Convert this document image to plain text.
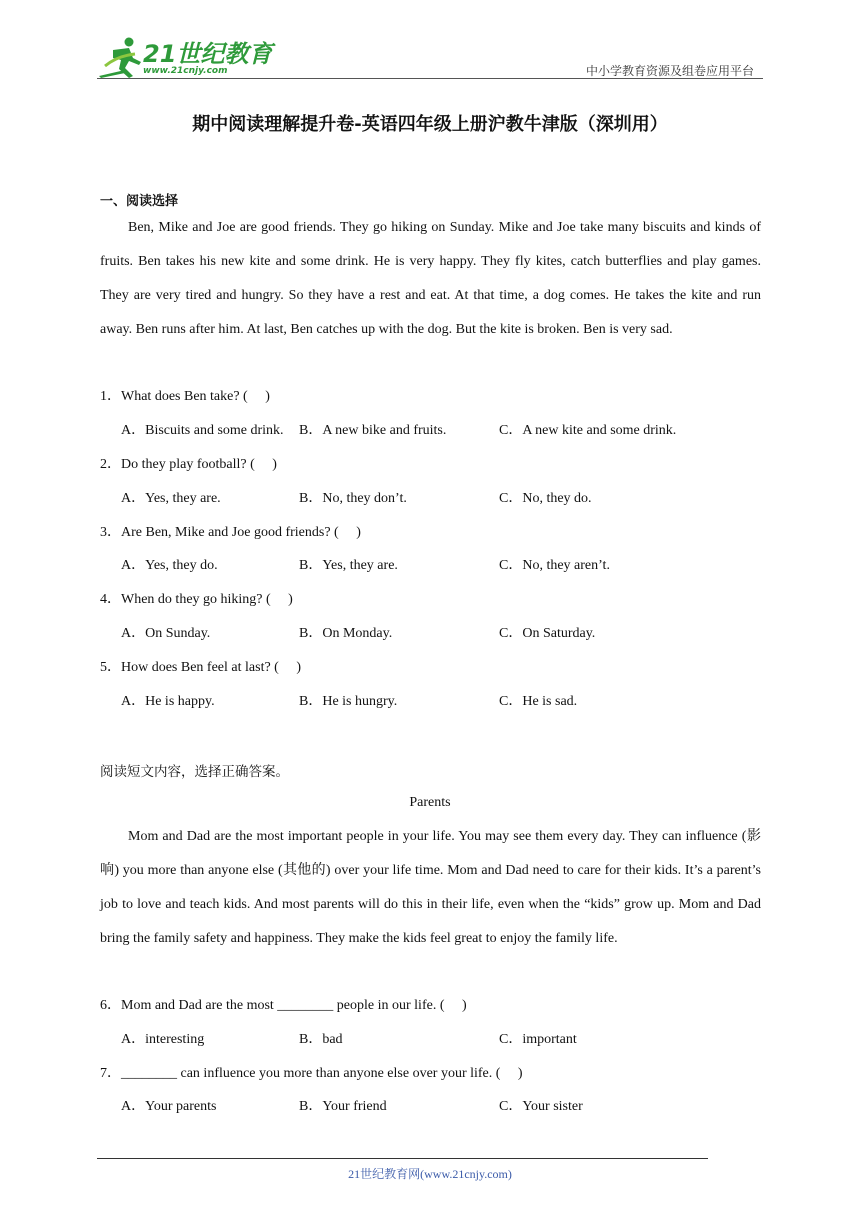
21世纪教育
www.21cnjy.com	中小学教育资源及组卷应用平台
期中阅读理解提升卷-英语四年级上册沪教牛津版（深圳用）
一、阅读选择

Ben, Mike and Joe are good friends. They go hiking on Sunday. Mike and Joe take many biscuits and kinds of fruits. Ben takes his new kite and some drink. He is very happy. They fly kites, catch butterflies and play games. They are very tired and hungry. So they have a rest and eat. At that time, a dog comes. He takes the kite and run away. Ben runs after him. At last, Ben catches up with the dog. But the kite is broken. Ben is very sad.

1．What does Ben take? (　 )
A．Biscuits and some drink. B．A new bike and fruits.	C．A new kite and some drink.
2．Do they play football? (　 )
A．Yes, they are.	B．No, they don’t.	C．No, they do.
3．Are Ben, Mike and Joe good friends? (　 )
A．Yes, they do.	B．Yes, they are.	C．No, they aren’t.
4．When do they go hiking? (　 )
A．On Sunday.	B．On Monday.	C．On Saturday.
5．How does Ben feel at last? (　 )
A．He is happy.	B．He is hungry.	C．He is sad.
阅读短文内容，选择正确答案。
Parents

Mom and Dad are the most important people in your life. You may see them every day. They can influence (影响) you more than anyone else (其他的) over your life time. Mom and Dad need to care for their kids. It’s a parent’s job to love and teach kids. And most parents will do this in their life, even when the “kids” grow up. Mom and Dad bring the family safety and happiness. They make the kids feel great to enjoy the family life.

6．Mom and Dad are the most ________ people in our life. (　 )
A．interesting	B．bad	C．important
7．________ can influence you more than anyone else over your life. (　 )
A．Your parents	B．Your friend	C．Your sister
21世纪教育网(www.21cnjy.com)
